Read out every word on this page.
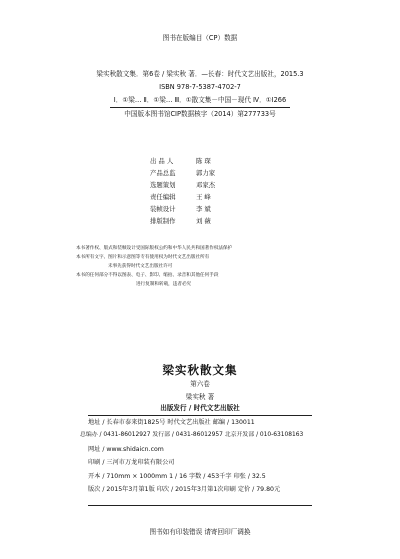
图书在版编目（CP）数据
梁实秋散文集．第6卷 / 梁实秋 著．—长春：时代文艺出版社，2015.3
ISBN 978-7-5387-4702-7
Ⅰ．①梁… Ⅱ．①梁… Ⅲ．①散文集－中国－现代 Ⅳ．①I266
中国版本图书馆CIP数据核字（2014）第277733号
出 品 人	陈 琛
产品总监	郭力家
选题策划	邓家杰
责任编辑	王 峰
装帧设计	李 斌
排版制作	刘 薇
本书著作权、版式和装帧设计受国际版权公约和中华人民共和国著作权法保护
本书所有文字、图片和示意图等专有使用权为时代文艺出版社所有
未事先获得时代文艺出版社许可
本书的任何部分不得以图表、电子、影印、缩拍、录音和其他任何手段
进行复制和转载，违者必究
梁实秋散文集
第六卷
梁实秋 著
出版发行 / 时代文艺出版社
地址 / 长春市泰来街1825号 时代文艺出版社 邮编 / 130011
总编办 / 0431-86012927 发行部 / 0431-86012957 北京开发部 / 010-63108163
网址 / www.shidaicn.com
印刷 / 三河市万龙印装有限公司
开本 / 710mm × 1000mm 1 / 16 字数 / 453千字 印张 / 32.5
版次 / 2015年3月第1版 印次 / 2015年3月第1次印刷 定价 / 79.80元
图书如有印装错误 请寄回印厂调换
